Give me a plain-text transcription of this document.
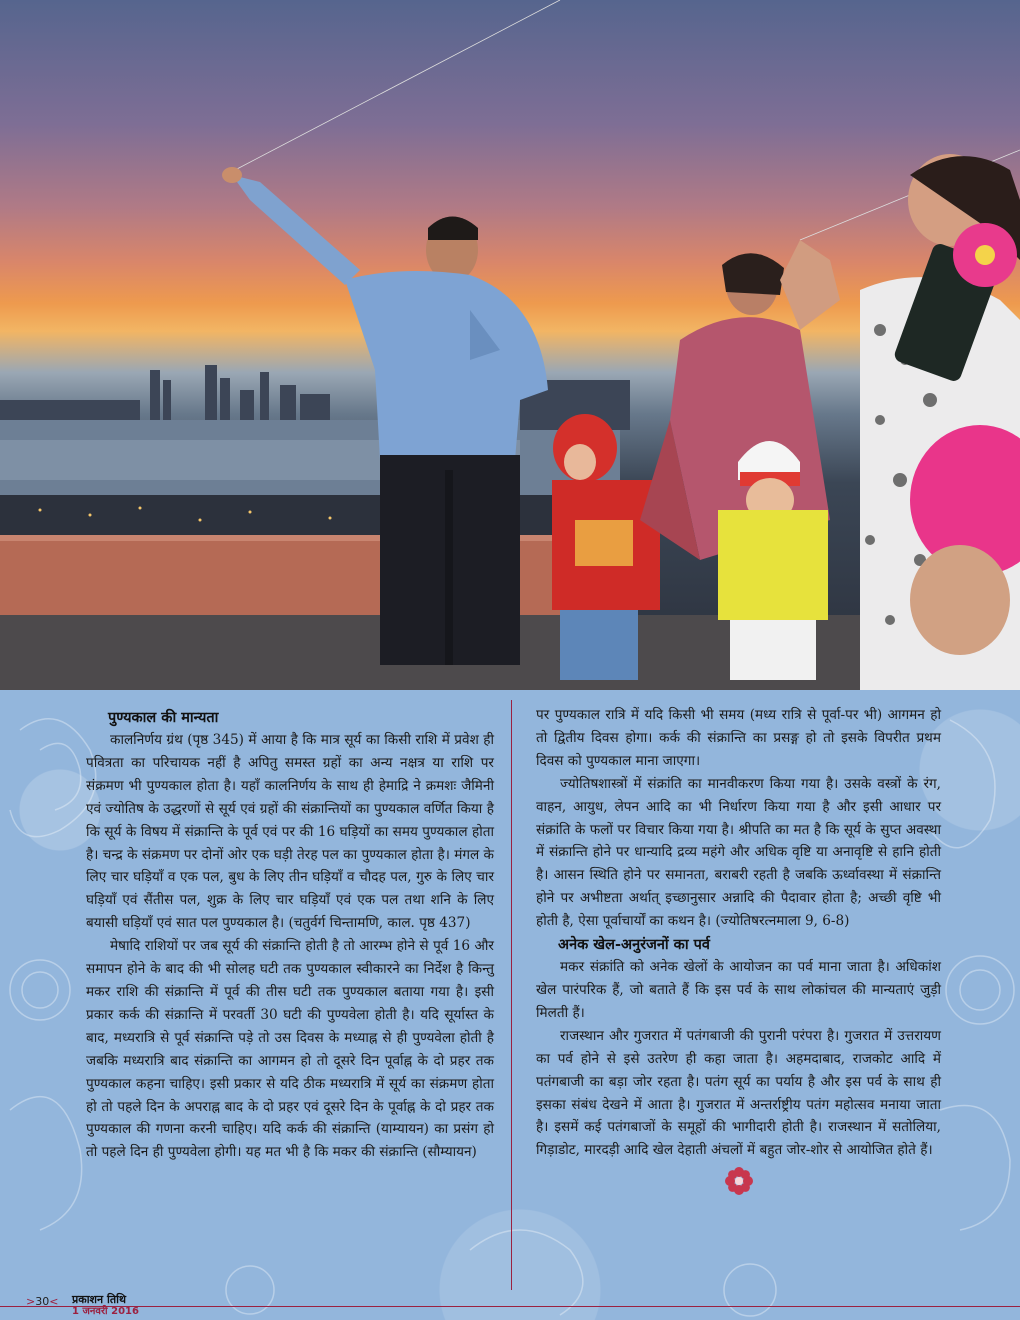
पुण्यकाल की मान्यता

कालनिर्णय ग्रंथ (पृष्ठ 345) में आया है कि मात्र सूर्य का किसी राशि में प्रवेश ही पवित्रता का परिचायक नहीं है अपितु समस्त ग्रहों का अन्य नक्षत्र या राशि पर संक्रमण भी पुण्यकाल होता है। यहाँ कालनिर्णय के साथ ही हेमाद्रि ने क्रमशः जैमिनी एवं ज्योतिष के उद्धरणों से सूर्य एवं ग्रहों की संक्रान्तियों का पुण्यकाल वर्णित किया है कि सूर्य के विषय में संक्रान्ति के पूर्व एवं पर की 16 घड़ियों का समय पुण्यकाल होता है। चन्द्र के संक्रमण पर दोनों ओर एक घड़ी तेरह पल का पुण्यकाल होता है। मंगल के लिए चार घड़ियाँ व एक पल, बुध के लिए तीन घड़ियाँ व चौदह पल, गुरु के लिए चार घड़ियाँ एवं सैंतीस पल, शुक्र के लिए चार घड़ियाँ एवं एक पल तथा शनि के लिए बयासी घड़ियाँ एवं सात पल पुण्यकाल है। (चतुर्वर्ग चिन्तामणि, काल. पृष्ठ 437)

मेषादि राशियों पर जब सूर्य की संक्रान्ति होती है तो आरम्भ होने से पूर्व 16 और समापन होने के बाद की भी सोलह घटी तक पुण्यकाल स्वीकारने का निर्देश है किन्तु मकर राशि की संक्रान्ति में पूर्व की तीस घटी तक पुण्यकाल बताया गया है। इसी प्रकार कर्क की संक्रान्ति में परवर्ती 30 घटी की पुण्यवेला होती है। यदि सूर्यास्त के बाद, मध्यरात्रि से पूर्व संक्रान्ति पड़े तो उस दिवस के मध्याह्न से ही पुण्यवेला होती है जबकि मध्यरात्रि बाद संक्रान्ति का आगमन हो तो दूसरे दिन पूर्वाह्न के दो प्रहर तक पुण्यकाल कहना चाहिए। इसी प्रकार से यदि ठीक मध्यरात्रि में सूर्य का संक्रमण होता हो तो पहले दिन के अपराह्न बाद के दो प्रहर एवं दूसरे दिन के पूर्वाह्न के दो प्रहर तक पुण्यकाल की गणना करनी चाहिए। यदि कर्क की संक्रान्ति (याम्यायन) का प्रसंग हो तो पहले दिन ही पुण्यवेला होगी। यह मत भी है कि मकर की संक्रान्ति (सौम्यायन)

पर पुण्यकाल रात्रि में यदि किसी भी समय (मध्य रात्रि से पूर्वा-पर भी) आगमन हो तो द्वितीय दिवस होगा। कर्क की संक्रान्ति का प्रसङ्ग हो तो इसके विपरीत प्रथम दिवस को पुण्यकाल माना जाएगा।

ज्योतिषशास्त्रों में संक्रांति का मानवीकरण किया गया है। उसके वस्त्रों के रंग, वाहन, आयुध, लेपन आदि का भी निर्धारण किया गया है और इसी आधार पर संक्रांति के फलों पर विचार किया गया है। श्रीपति का मत है कि सूर्य के सुप्त अवस्था में संक्रान्ति होने पर धान्यादि द्रव्य महंगे और अधिक वृष्टि या अनावृष्टि से हानि होती है। आसन स्थिति होने पर समानता, बराबरी रहती है जबकि ऊर्ध्वावस्था में संक्रान्ति होने पर अभीष्टता अर्थात् इच्छानुसार अन्नादि की पैदावार होता है; अच्छी वृष्टि भी होती है, ऐसा पूर्वाचार्यों का कथन है। (ज्योतिषरत्नमाला 9, 6-8)

अनेक खेल-अनुरंजनों का पर्व

मकर संक्रांति को अनेक खेलों के आयोजन का पर्व माना जाता है। अधिकांश खेल पारंपरिक हैं, जो बताते हैं कि इस पर्व के साथ लोकांचल की मान्यताएं जुड़ी मिलती हैं।

राजस्थान और गुजरात में पतंगबाजी की पुरानी परंपरा है। गुजरात में उत्तरायण का पर्व होने से इसे उतरेण ही कहा जाता है। अहमदाबाद, राजकोट आदि में पतंगबाजी का बड़ा जोर रहता है। पतंग सूर्य का पर्याय है और इस पर्व के साथ ही इसका संबंध देखने में आता है। गुजरात में अन्तर्राष्ट्रीय पतंग महोत्सव मनाया जाता है। इसमें कई पतंगबाजों के समूहों की भागीदारी होती है। राजस्थान में सतोलिया, गिड़ाडोट, मारदड़ी आदि खेल देहाती अंचलों में बहुत जोर-शोर से आयोजित होते हैं।

>30< प्रकाशन तिथि
1 जनवरी 2016
